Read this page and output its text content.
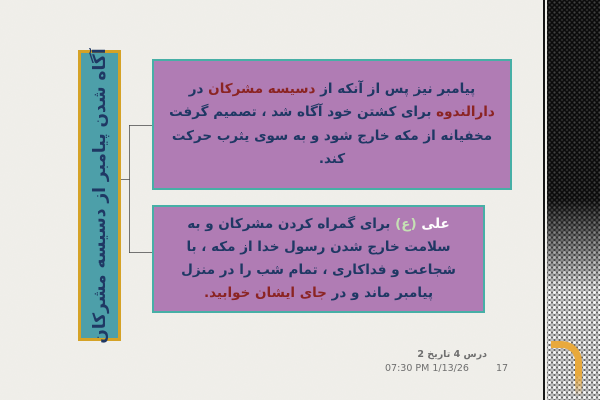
آگاه شدن پیامبر از دسیسه مشرکان	پیامبر نیز پس از آنکه از دسیسه مشرکان در دارالندوه برای کشتن خود آگاه شد ، تصمیم گرفت مخفیانه از مکه خارج شود و به سوی یثرب حرکت کند.
علی (ع) برای گمراه کردن مشرکان و به سلامت خارج شدن رسول خدا از مکه ، با شجاعت و فداکاری ، تمام شب را در منزل پیامبر ماند و در جای ایشان خوابید.
درس 4 تاریخ 2
07:30 PM 1/13/26	17
